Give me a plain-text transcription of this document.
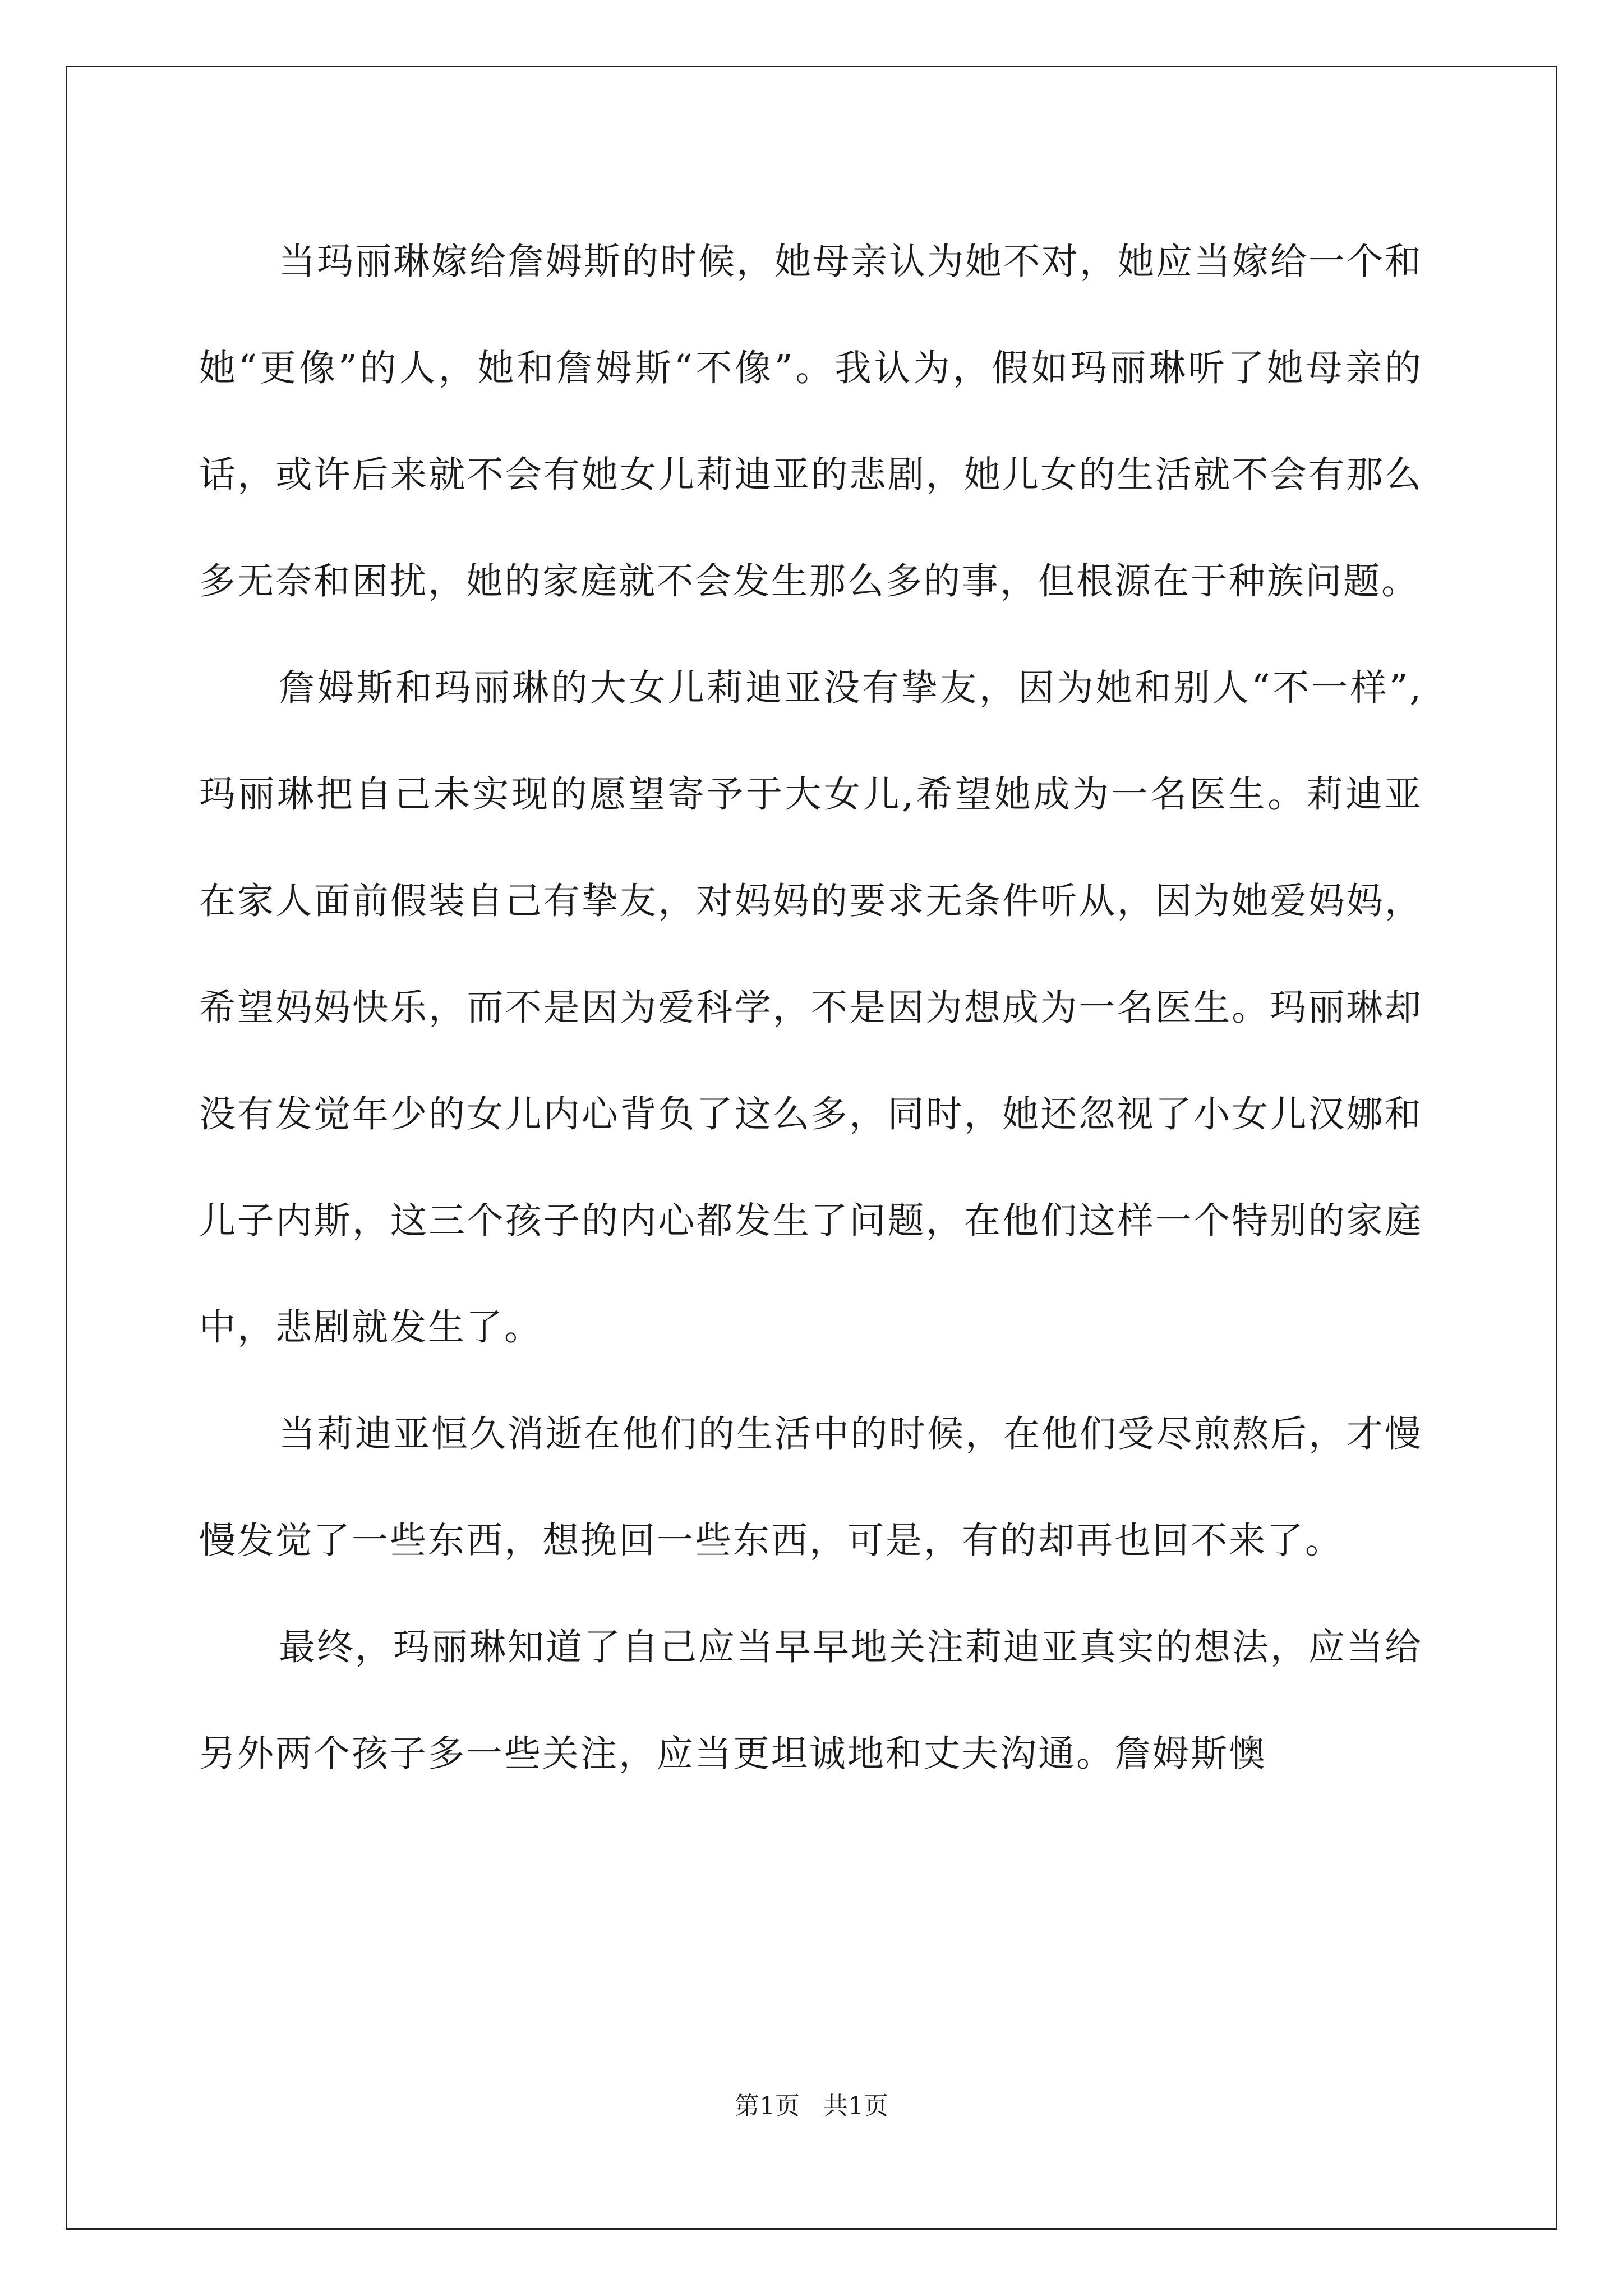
当玛丽琳嫁给詹姆斯的时候，她母亲认为她不对，她应当嫁给一个和她“更像”的人，她和詹姆斯“不像”。我认为，假如玛丽琳听了她母亲的话，或许后来就不会有她女儿莉迪亚的悲剧，她儿女的生活就不会有那么多无奈和困扰，她的家庭就不会发生那么多的事，但根源在于种族问题。

詹姆斯和玛丽琳的大女儿莉迪亚没有挚友，因为她和别人“不一样”,玛丽琳把自己未实现的愿望寄予于大女儿,希望她成为一名医生。莉迪亚在家人面前假装自己有挚友，对妈妈的要求无条件听从，因为她爱妈妈，希望妈妈快乐，而不是因为爱科学，不是因为想成为一名医生。玛丽琳却没有发觉年少的女儿内心背负了这么多，同时，她还忽视了小女儿汉娜和儿子内斯，这三个孩子的内心都发生了问题，在他们这样一个特别的家庭中，悲剧就发生了。

当莉迪亚恒久消逝在他们的生活中的时候，在他们受尽煎熬后，才慢慢发觉了一些东西，想挽回一些东西，可是，有的却再也回不来了。

最终，玛丽琳知道了自己应当早早地关注莉迪亚真实的想法，应当给另外两个孩子多一些关注，应当更坦诚地和丈夫沟通。詹姆斯懊

第1页 共1页
